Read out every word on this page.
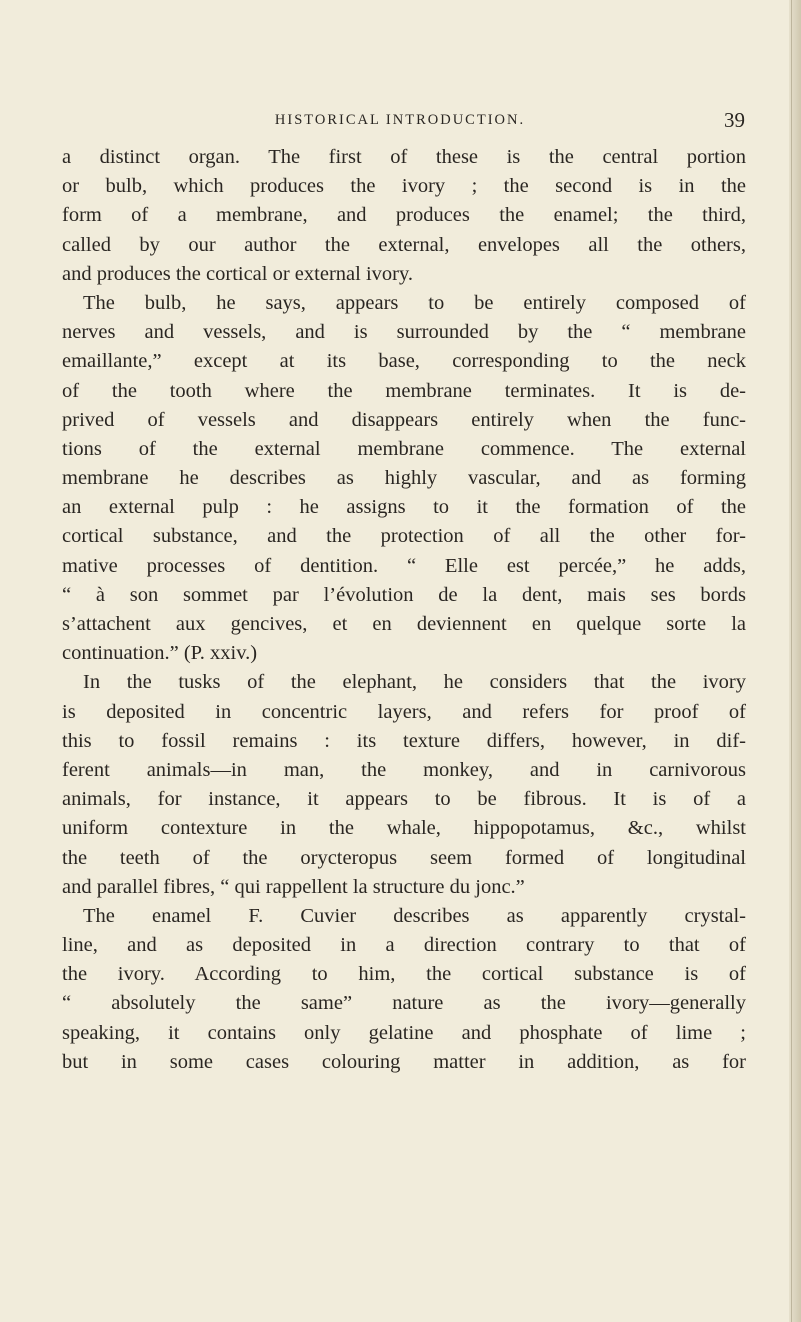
HISTORICAL INTRODUCTION.	39
a distinct organ. The first of these is the central portion
or bulb, which produces the ivory ; the second is in the
form of a membrane, and produces the enamel; the third,
called by our author the external, envelopes all the others,
and produces the cortical or external ivory.
The bulb, he says, appears to be entirely composed of
nerves and vessels, and is surrounded by the “ membrane
emaillante,” except at its base, corresponding to the neck
of the tooth where the membrane terminates. It is de-
prived of vessels and disappears entirely when the func-
tions of the external membrane commence. The external
membrane he describes as highly vascular, and as forming
an external pulp : he assigns to it the formation of the
cortical substance, and the protection of all the other for-
mative processes of dentition. “ Elle est percée,” he adds,
“ à son sommet par l’évolution de la dent, mais ses bords
s’attachent aux gencives, et en deviennent en quelque sorte la
continuation.” (P. xxiv.)
In the tusks of the elephant, he considers that the ivory
is deposited in concentric layers, and refers for proof of
this to fossil remains : its texture differs, however, in dif-
ferent animals—in man, the monkey, and in carnivorous
animals, for instance, it appears to be fibrous. It is of a
uniform contexture in the whale, hippopotamus, &c., whilst
the teeth of the orycteropus seem formed of longitudinal
and parallel fibres, “ qui rappellent la structure du jonc.”
The enamel F. Cuvier describes as apparently crystal-
line, and as deposited in a direction contrary to that of
the ivory. According to him, the cortical substance is of
“ absolutely the same” nature as the ivory—generally
speaking, it contains only gelatine and phosphate of lime ;
but in some cases colouring matter in addition, as for
